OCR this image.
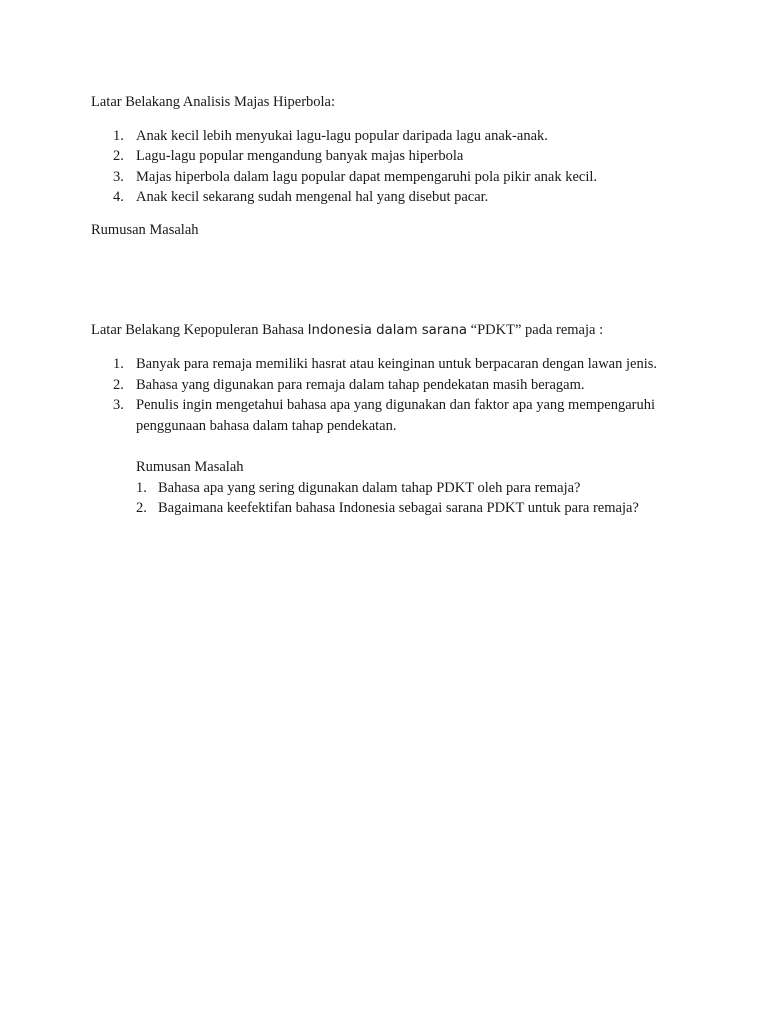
Latar Belakang Analisis Majas Hiperbola:
1. Anak kecil lebih menyukai lagu-lagu popular daripada lagu anak-anak.
2. Lagu-lagu popular mengandung banyak majas hiperbola
3. Majas hiperbola dalam lagu popular dapat mempengaruhi pola pikir anak kecil.
4. Anak kecil sekarang sudah mengenal hal yang disebut pacar.
Rumusan Masalah
Latar Belakang Kepopuleran Bahasa Indonesia dalam sarana “PDKT” pada remaja :
1. Banyak para remaja memiliki hasrat atau keinginan untuk berpacaran dengan lawan jenis.
2. Bahasa yang digunakan para remaja dalam tahap pendekatan masih beragam.
3. Penulis ingin mengetahui bahasa apa yang digunakan dan faktor apa yang mempengaruhi
penggunaan bahasa dalam tahap pendekatan.
Rumusan Masalah
1. Bahasa apa yang sering digunakan dalam tahap PDKT oleh para remaja?
2. Bagaimana keefektifan bahasa Indonesia sebagai sarana PDKT untuk para remaja?
